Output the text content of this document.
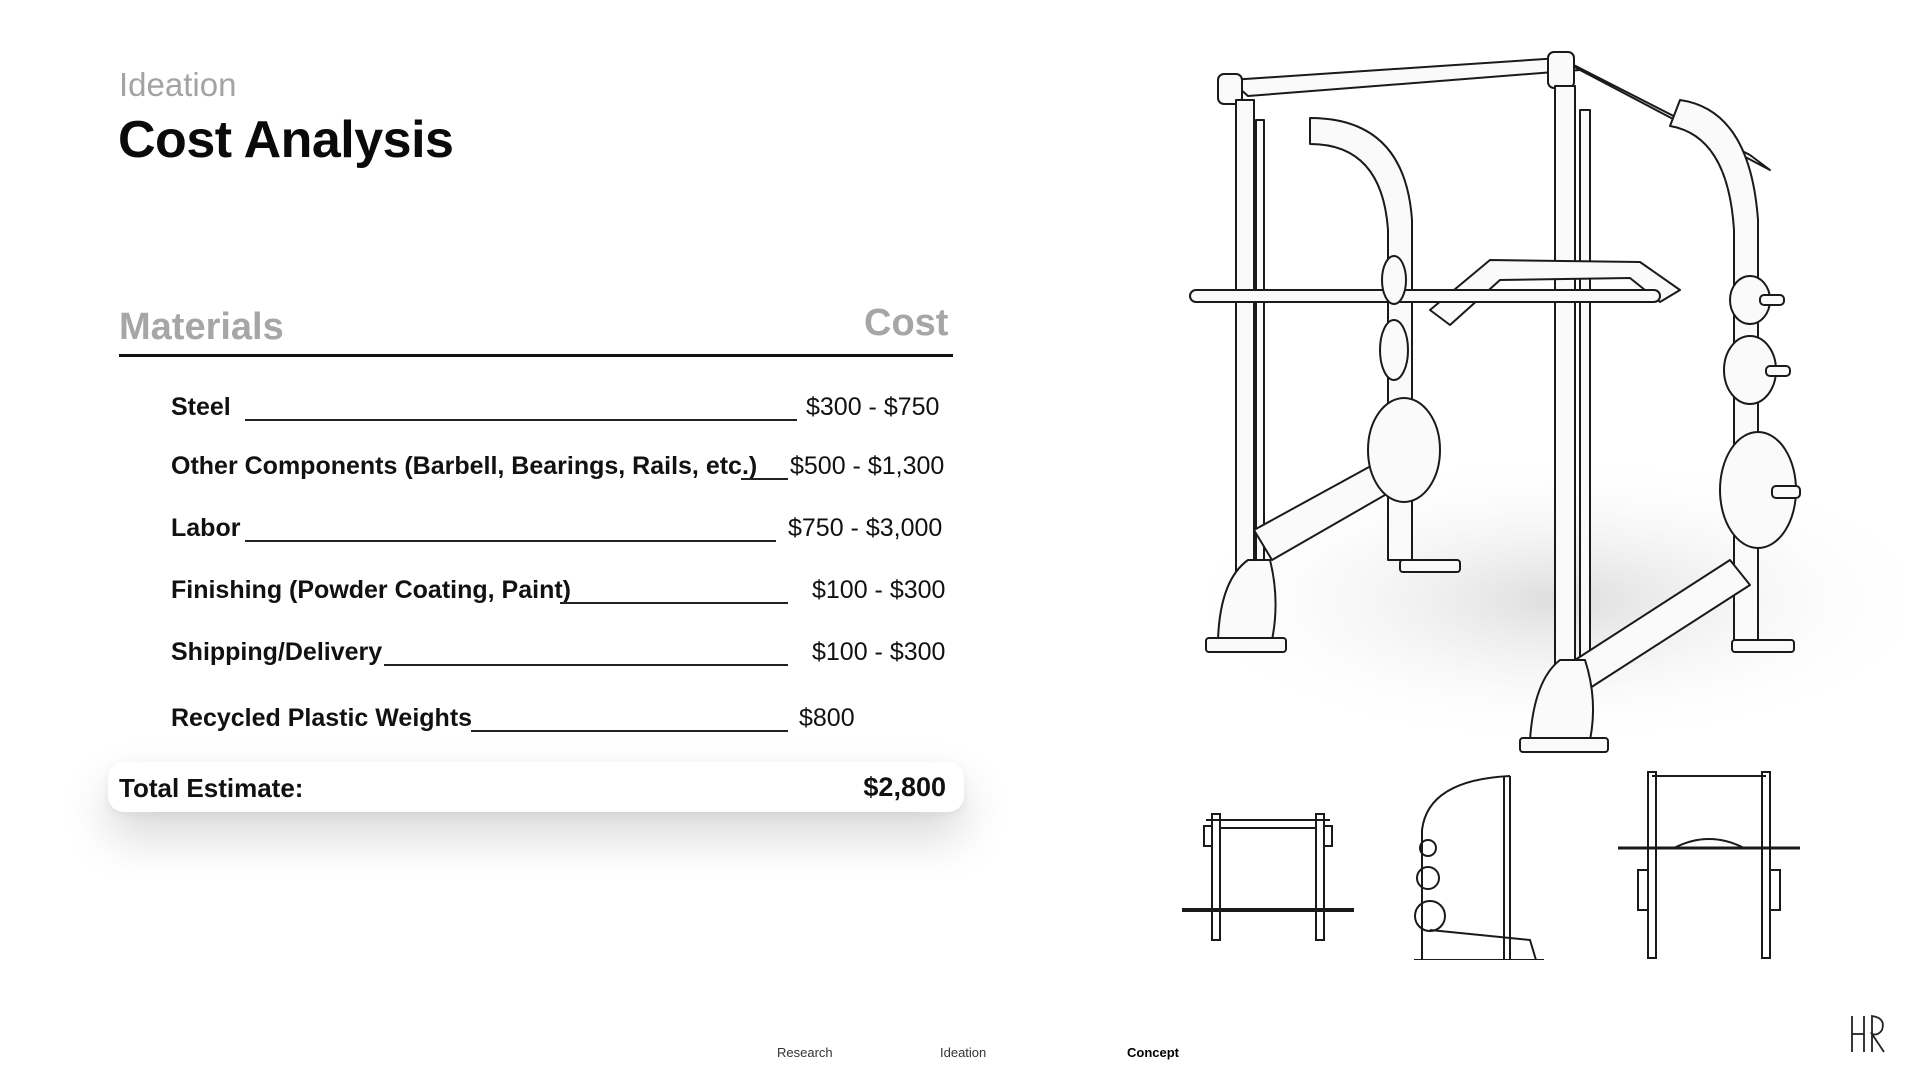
Ideation
Cost Analysis
Materials	Cost
Steel	$300 - $750
Other Components (Barbell, Bearings, Rails, etc.) $500 - $1,300
Labor	$750 - $3,000
Finishing (Powder Coating, Paint)	$100 - $300
Shipping/Delivery	$100 - $300
Recycled Plastic Weights	$800
Total Estimate:	$2,800
Research	Ideation	Concept
